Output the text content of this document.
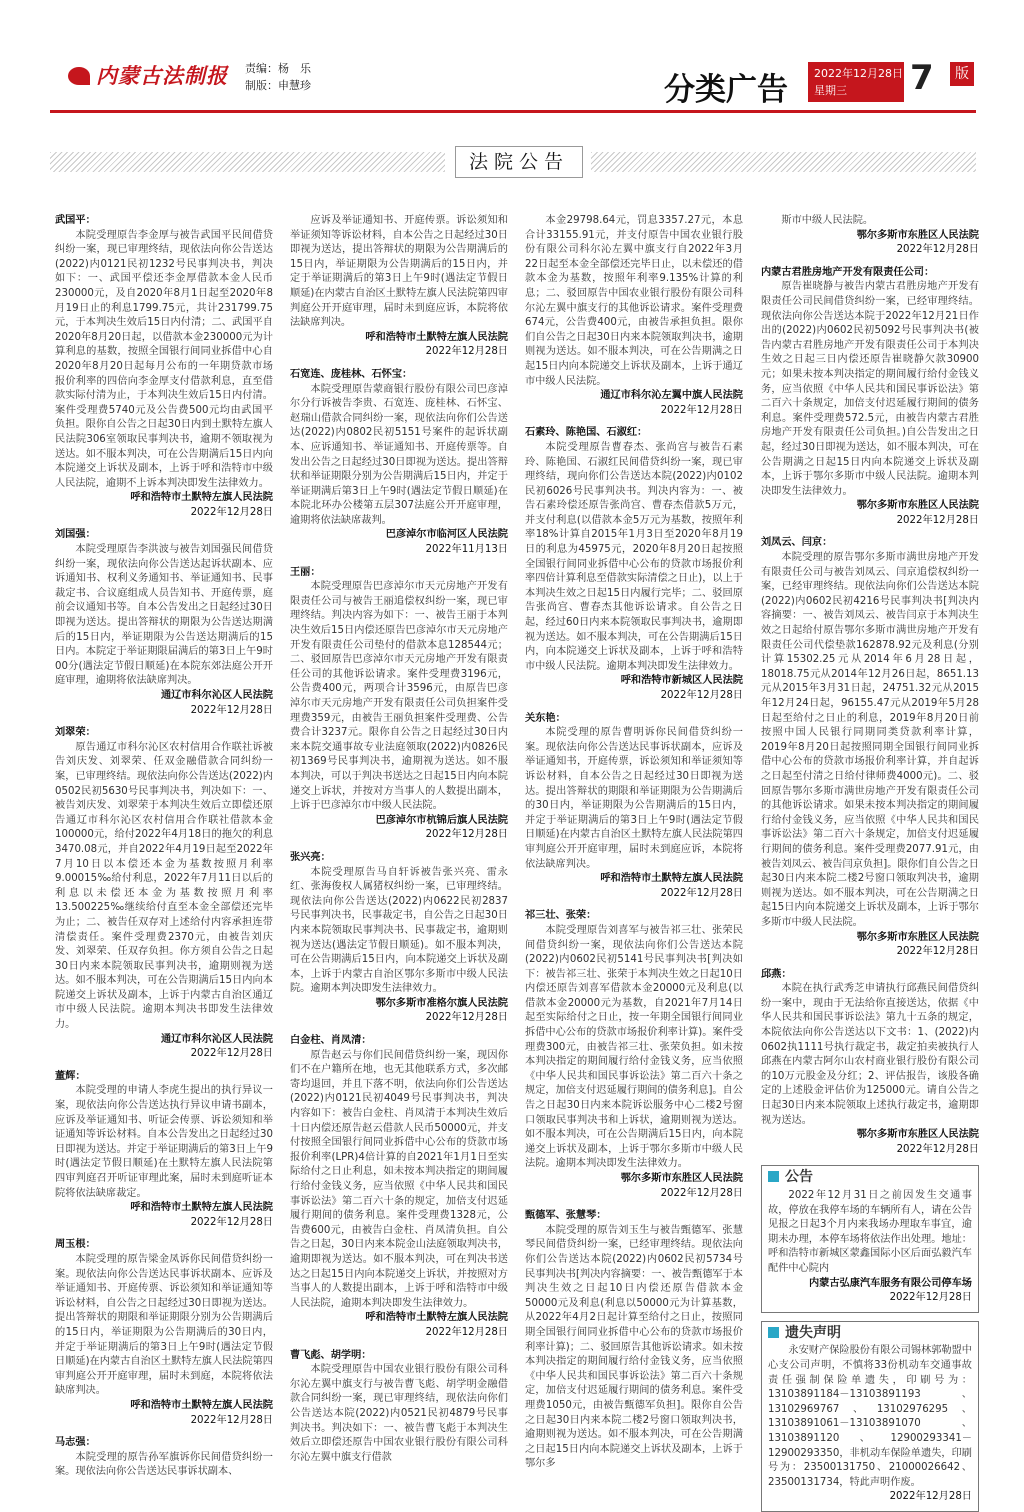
内蒙古法制报 责编：杨　乐
制版：申慧珍	分类广告 2022年12月28日
星期三	7	版
法院公告
武国平：

本院受理原告李金厚与被告武国平民间借贷纠纷一案，现已审理终结，现依法向你公告送达(2022)内0121民初1232号民事判决书，判决如下：一、武国平偿还李金厚借款本金人民币230000元，及自2020年8月1日起至2020年8月19日止的利息1799.75元，共计231799.75元，于本判决生效后15日内付清；二、武国平自2020年8月20日起，以借款本金230000元为计算利息的基数，按照全国银行间同业拆借中心自2020年8月20日起每月公布的一年期贷款市场报价利率的四倍向李金厚支付借款利息，直至借款实际付清为止，于本判决生效后15日内付清。案件受理费5740元及公告费500元均由武国平负担。限你自公告之日起30日内到土默特左旗人民法院306室领取民事判决书，逾期不领取视为送达。如不服本判决，可在公告期满后15日内向本院递交上诉状及副本，上诉于呼和浩特市中级人民法院，逾期不上诉本判决即发生法律效力。

呼和浩特市土默特左旗人民法院
2022年12月28日
刘国强：

本院受理原告李洪波与被告刘国强民间借贷纠纷一案，现依法向你公告送达起诉状副本、应诉通知书、权利义务通知书、举证通知书、民事裁定书、合议庭组成人员告知书、开庭传票，庭前会议通知书等。自本公告发出之日起经过30日即视为送达。提出答辩状的期限为公告送达期满后的15日内，举证期限为公告送达期满后的15日内。本院定于举证期限届满后的第3日上午9时00分(遇法定节假日顺延)在本院东郊法庭公开开庭审理，逾期将依法缺席判决。

通辽市科尔沁区人民法院
2022年12月28日
刘翠荣：

原告通辽市科尔沁区农村信用合作联社诉被告刘庆发、刘翠荣、任双金融借款合同纠纷一案，已审理终结。现依法向你公告送达(2022)内0502民初5630号民事判决书，判决如下：一、被告刘庆发、刘翠荣于本判决生效后立即偿还原告通辽市科尔沁区农村信用合作联社借款本金100000元，给付2022年4月18日的拖欠的利息3470.08元，并自2022年4月19日起至2022年7月10日以本偿还本金为基数按照月利率9.00015‰给付利息，2022年7月11日以后的利息以未偿还本金为基数按照月利率13.500225‰继续给付直至本金全部偿还完毕为止；二、被告任双存对上述给付内容承担连带清偿责任。案件受理费2370元，由被告刘庆发、刘翠荣、任双存负担。你方须自公告之日起30日内来本院领取民事判决书，逾期则视为送达。如不服本判决，可在公告期满后15日内向本院递交上诉状及副本，上诉于内蒙古自治区通辽市中级人民法院。逾期本判决书即发生法律效力。

通辽市科尔沁区人民法院
2022年12月28日
董辉：

本院受理的申请人李虎生提出的执行异议一案，现依法向你公告送达执行异议申请书副本，应诉及举证通知书、听证会传票、诉讼须知和举证通知等诉讼材料。自本公告发出之日起经过30日即视为送达。并定于举证期满后的第3日上午9时(遇法定节假日顺延)在土默特左旗人民法院第四审判庭召开听证审理此案，届时未到庭听证本院将依法缺席裁定。

呼和浩特市土默特左旗人民法院
2022年12月28日
周玉根：

本院受理的原告梁金凤诉你民间借贷纠纷一案。现依法向你公告送达民事诉状副本、应诉及举证通知书、开庭传票、诉讼须知和举证通知等诉讼材料，自公告之日起经过30日即视为送达。提出答辩状的期限和举证期限分别为公告期满后的15日内，举证期限为公告期满后的30日内，并定于举证期满后的第3日上午9时(遇法定节假日顺延)在内蒙古自治区土默特左旗人民法院第四审判庭公开开庭审理，届时未到庭，本院将依法缺席判决。

呼和浩特市土默特左旗人民法院
2022年12月28日
马志强：

本院受理的原告孙军旗诉你民间借贷纠纷一案。现依法向你公告送达民事诉状副本、

应诉及举证通知书、开庭传票。诉讼须知和举证须知等诉讼材料，自本公告之日起经过30日即视为送达，提出答辩状的期限为公告期满后的15日内，举证期限为公告期满后的15日内，并定于举证期满后的第3日上午9时(遇法定节假日顺延)在内蒙古自治区土默特左旗人民法院第四审判庭公开开庭审理，届时未到庭应诉，本院将依法缺席判决。

呼和浩特市土默特左旗人民法院
2022年12月28日
石宽连、庞桂林、石怀宝：

本院受理原告蒙商银行股份有限公司巴彦淖尔分行诉被告李贵、石宽连、庞桂林、石怀宝、赵瑞山借款合同纠纷一案，现依法向你们公告送达(2022)内0802民初5151号案件的起诉状副本、应诉通知书、举证通知书、开庭传票等。自发出公告之日起经过30日即视为送达。提出答辩状和举证期限分别为公告期满后15日内，并定于举证期满后第3日上午9时(遇法定节假日顺延)在本院北环办公楼第五层307法庭公开开庭审理，逾期将依法缺席裁判。

巴彦淖尔市临河区人民法院
2022年11月13日
王丽：

本院受理原告巴彦淖尔市天元房地产开发有限责任公司与被告王丽追偿权纠纷一案，现已审理终结。判决内容为如下：一、被告王丽于本判决生效后15日内偿还原告巴彦淖尔市天元房地产开发有限责任公司垫付的借款本息128544元；二、驳回原告巴彦淖尔市天元房地产开发有限责任公司的其他诉讼请求。案件受理费3196元，公告费400元，两项合计3596元，由原告巴彦淖尔市天元房地产开发有限责任公司负担案件受理费359元，由被告王丽负担案件受理费、公告费合计3237元。限你自公告之日起经过30日内来本院交通事故专业法庭领取(2022)内0826民初1369号民事判决书，逾期视为送达。如不服本判决，可以于判决书送达之日起15日内向本院递交上诉状，并按对方当事人的人数提出副本，上诉于巴彦淖尔市中级人民法院。

巴彦淖尔市杭锦后旗人民法院
2022年12月28日
张兴亮：

本院受理原告马自轩诉被告张兴亮、雷永红、张海俊权人属猪权纠纷一案，已审理终结。现依法向你公告送达(2022)内0622民初2837号民事判决书，民事裁定书，自公告之日起30日内来本院领取民事判决书、民事裁定书，逾期则视为送达(遇法定节假日顺延)。如不服本判决，可在公告期满后15日内，向本院递交上诉状及副本，上诉于内蒙古自治区鄂尔多斯市中级人民法院。逾期本判决即发生法律效力。

鄂尔多斯市准格尔旗人民法院
2022年12月28日
白金柱、肖凤清：

原告赵云与你们民间借贷纠纷一案，现因你们不在户籍所在地，也无其他联系方式，多次邮寄均退回，并且下落不明，依法向你们公告送达(2022)内0121民初4049号民事判决书，判决内容如下：被告白金柱、肖凤清于本判决生效后十日内偿还原告赵云借款人民币50000元，并支付按照全国银行间同业拆借中心公布的贷款市场报价利率(LPR)4倍计算的自2021年1月1日至实际给付之日止利息，如未按本判决指定的期间履行给付金钱义务，应当依照《中华人民共和国民事诉讼法》第二百六十条的规定，加倍支付迟延履行期间的债务利息。案件受理费1328元，公告费600元，由被告白金柱、肖凤清负担。自公告之日起，30日内来本院金山法庭领取判决书，逾期即视为送达。如不服本判决，可在判决书送达之日起15日内向本院递交上诉状，并按照对方当事人的人数提出副本，上诉于呼和浩特市中级人民法院，逾期本判决即发生法律效力。

呼和浩特市土默特左旗人民法院
2022年12月28日
曹飞彪、胡学明：

本院受理原告中国农业银行股份有限公司科尔沁左翼中旗支行与被告曹飞彪、胡学明金融借款合同纠纷一案，现已审理终结，现依法向你们公告送达本院(2022)内0521民初4879号民事判决书。判决如下：一、被告曹飞彪于本判决生效后立即偿还原告中国农业银行股份有限公司科尔沁左翼中旗支行借款

本金29798.64元，罚息3357.27元，本息合计33155.91元，并支付原告中国农业银行股份有限公司科尔沁左翼中旗支行自2022年3月22日起至本金全部偿还完毕日止，以未偿还的借款本金为基数，按照年利率9.135%计算的利息；二、驳回原告中国农业银行股份有限公司科尔沁左翼中旗支行的其他诉讼请求。案件受理费674元，公告费400元，由被告承担负担。限你们自公告之日起30日内来本院领取判决书，逾期则视为送达。如不服本判决，可在公告期满之日起15日内向本院递交上诉状及副本，上诉于通辽市中级人民法院。

通辽市科尔沁左翼中旗人民法院
2022年12月28日
石素玲、陈艳国、石淑红：

本院受理原告曹春杰、张尚宫与被告石素玲、陈艳国、石淑红民间借贷纠纷一案，现已审理终结，现向你们公告送达本院(2022)内0102民初6026号民事判决书。判决内容为：一、被告石素玲偿还原告张尚宫、曹春杰借款5万元，并支付利息(以借款本金5万元为基数，按照年利率18%计算自2015年1月3日至2020年8月19日的利息为45975元，2020年8月20日起按照全国银行间同业拆借中心公布的贷款市场报价利率四倍计算利息至借款实际清偿之日止)，以上于本判决生效之日起15日内履行完毕；二、驳回原告张尚宫、曹春杰其他诉讼请求。自公告之日起，经过60日内来本院领取民事判决书，逾期即视为送达。如不服本判决，可在公告期满后15日内，向本院递交上诉状及副本，上诉于呼和浩特市中级人民法院。逾期本判决即发生法律效力。

呼和浩特市新城区人民法院
2022年12月28日
关东艳：

本院受理的原告曹明诉你民间借贷纠纷一案。现依法向你公告送达民事诉状副本，应诉及举证通知书，开庭传票，诉讼须知和举证须知等诉讼材料，自本公告之日起经过30日即视为送达。提出答辩状的期限和举证期限为公告期满后的30日内，举证期限为公告期满后的15日内，并定于举证期满后的第3日上午9时(遇法定节假日顺延)在内蒙古自治区土默特左旗人民法院第四审判庭公开开庭审理，届时未到庭应诉，本院将依法缺席判决。

呼和浩特市土默特左旗人民法院
2022年12月28日
祁三壮、张荣：

本院受理原告刘喜军与被告祁三壮、张荣民间借贷纠纷一案，现依法向你们公告送达本院(2022)内0602民初5141号民事判决书[判决如下：被告祁三壮、张荣于本判决生效之日起10日内偿还原告刘喜军借款本金20000元及利息(以借款本金20000元为基数，自2021年7月14日起至实际给付之日止，按一年期全国银行间同业拆借中心公布的贷款市场报价利率计算)。案件受理费300元，由被告祁三壮、张荣负担。如未按本判决指定的期间履行给付金钱义务，应当依照《中华人民共和国民事诉讼法》第二百六十条之规定，加倍支付迟延履行期间的债务利息]。自公告之日起30日内来本院诉讼服务中心二楼2号窗口领取民事判决书和上诉状，逾期则视为送达。如不服本判决，可在公告期满后15日内，向本院递交上诉状及副本，上诉于鄂尔多斯市中级人民法院。逾期本判决即发生法律效力。

鄂尔多斯市东胜区人民法院
2022年12月28日
甄德军、张慧琴：

本院受理的原告刘玉生与被告甄德军、张慧琴民间借贷纠纷一案，已经审理终结。现依法向你们公告送达本院(2022)内0602民初5734号民事判决书[判决内容摘要：一、被告甄德军于本判决生效之日起10日内偿还原告借款本金50000元及利息(利息以50000元为计算基数，从2022年4月2日起计算至给付之日止，按照同期全国银行间同业拆借中心公布的贷款市场报价利率计算)；二、驳回原告其他诉讼请求。如未按本判决指定的期间履行给付金钱义务，应当依照《中华人民共和国民事诉讼法》第二百六十条规定，加倍支付迟延履行期间的债务利息。案件受理费1050元，由被告甄德军负担]。限你自公告之日起30日内来本院二楼2号窗口领取判决书，逾期则视为送达。如不服本判决，可在公告期满之日起15日内向本院递交上诉状及副本，上诉于鄂尔多

斯市中级人民法院。

鄂尔多斯市东胜区人民法院
2022年12月28日
内蒙古君胜房地产开发有限责任公司：

原告崔晓静与被告内蒙古君胜房地产开发有限责任公司民间借贷纠纷一案，已经审理终结。现依法向你公告送达本院于2022年12月21日作出的(2022)内0602民初5092号民事判决书(被告内蒙古君胜房地产开发有限责任公司于本判决生效之日起三日内偿还原告崔晓静欠款30900元；如果未按本判决指定的期间履行给付金钱义务，应当依照《中华人民共和国民事诉讼法》第二百六十条规定，加倍支付迟延履行期间的债务利息。案件受理费572.5元，由被告内蒙古君胜房地产开发有限责任公司负担。)自公告发出之日起，经过30日即视为送达，如不服本判决，可在公告期满之日起15日内向本院递交上诉状及副本，上诉于鄂尔多斯市中级人民法院。逾期本判决即发生法律效力。

鄂尔多斯市东胜区人民法院
2022年12月28日
刘凤云、闫京：

本院受理的原告鄂尔多斯市满世房地产开发有限责任公司与被告刘凤云、闫京追偿权纠纷一案，已经审理终结。现依法向你们公告送达本院(2022)内0602民初4216号民事判决书[判决内容摘要：一、被告刘凤云、被告闫京于本判决生效之日起给付原告鄂尔多斯市满世房地产开发有限责任公司代偿垫款162878.92元及利息(分别计算15302.25元从2014年6月28日起，18018.75元从2014年12月26日起，8651.13元从2015年3月31日起，24751.32元从2015年12月24日起，96155.47元从2019年5月28日起至给付之日止的利息，2019年8月20日前按照中国人民银行同期同类贷款利率计算，2019年8月20日起按照同期全国银行间同业拆借中心公布的贷款市场报价利率计算，并自起诉之日起至付清之日给付律师费4000元)。二、驳回原告鄂尔多斯市满世房地产开发有限责任公司的其他诉讼请求。如果未按本判决指定的期间履行给付金钱义务，应当依照《中华人民共和国民事诉讼法》第二百六十条规定，加倍支付迟延履行期间的债务利息。案件受理费2077.91元，由被告刘凤云、被告闫京负担]。限你们自公告之日起30日内来本院二楼2号窗口领取判决书，逾期则视为送达。如不服本判决，可在公告期满之日起15日内向本院递交上诉状及副本，上诉于鄂尔多斯市中级人民法院。

鄂尔多斯市东胜区人民法院
2022年12月28日
邱燕：

本院在执行武秀芝申请执行邱燕民间借贷纠纷一案中，现由于无法给你直接送达，依据《中华人民共和国民事诉讼法》第九十五条的规定，本院依法向你公告送达以下文书：1、(2022)内0602执1111号执行裁定书，裁定拍卖被执行人邱燕在内蒙古阿尔山农村商业银行股份有限公司的10万元股金及分红；2、评估报告，该股各确定的上述股金评估价为125000元。请自公告之日起30日内来本院领取上述执行裁定书，逾期即视为送达。

鄂尔多斯市东胜区人民法院
2022年12月28日
公告

2022年12月31日之前因发生交通事故，停放在我停车场的车辆所有人，请在公告见报之日起3个月内来我场办理取车事宜，逾期未办理，本停车场将依法作出处理。地址：呼和浩特市新城区蒙鑫国际小区后面弘毅汽车配件中心院内

内蒙古弘康汽车服务有限公司停车场
2022年12月28日
遗失声明

永安财产保险股份有限公司锡林郭勒盟中心支公司声明，不慎将33份机动车交通事故责任强制保险单遗失，印刷号为：13103891184－13103891193、13102969767、13102976295、13103891061－13103891070、13103891120、12900293341－12900293350，非机动车保险单遗失，印刷号为：23500131750、21000026642、23500131734，特此声明作废。

2022年12月28日
